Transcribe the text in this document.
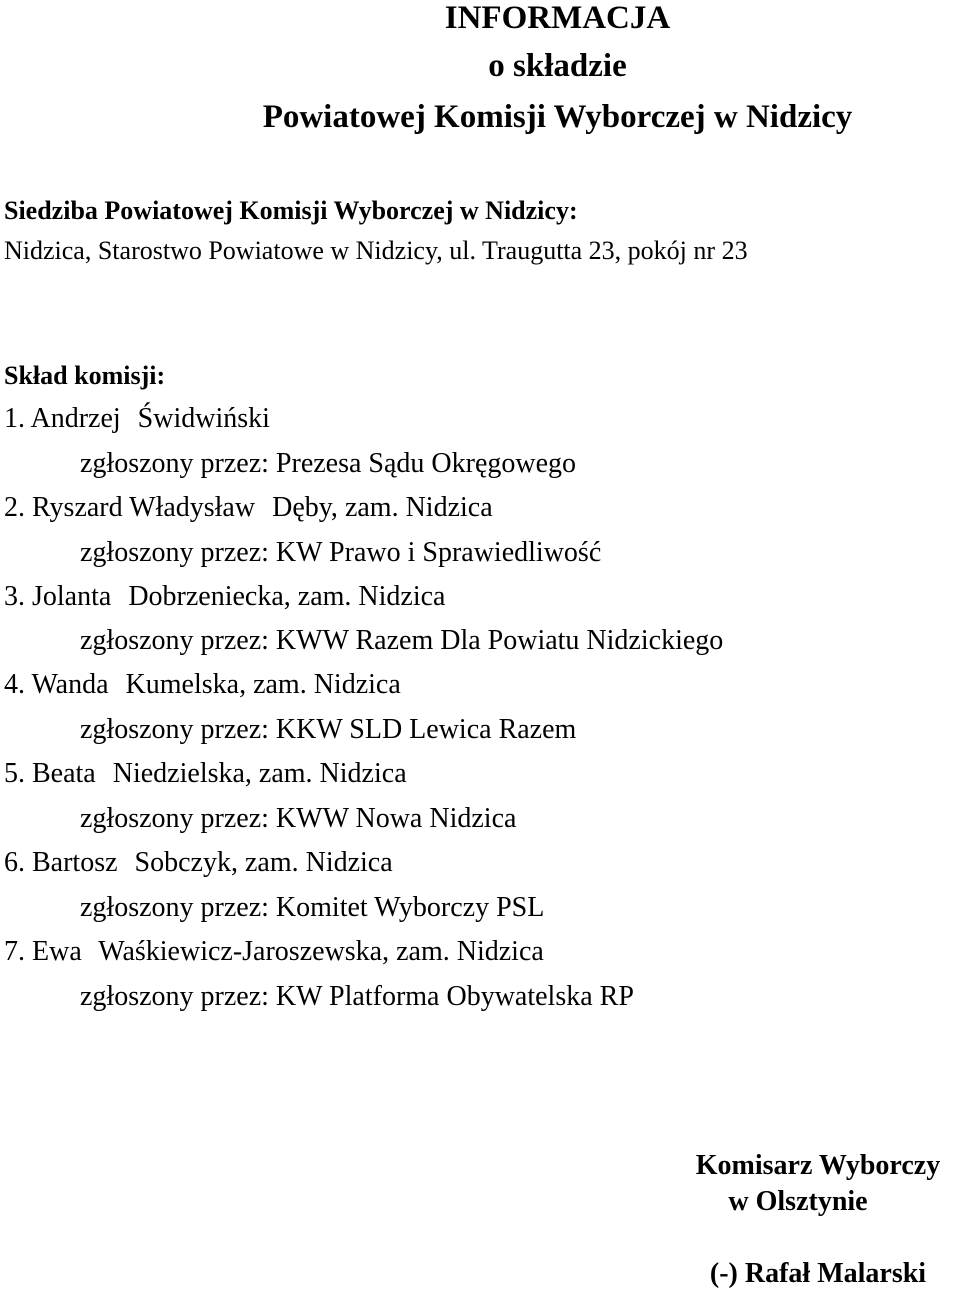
INFORMACJA
o składzie
Powiatowej Komisji Wyborczej w Nidzicy
Siedziba Powiatowej Komisji Wyborczej w Nidzicy:
Nidzica, Starostwo Powiatowe w Nidzicy, ul. Traugutta 23, pokój nr 23
Skład komisji:
1. Andrzej Świdwiński
zgłoszony przez: Prezesa Sądu Okręgowego
2. Ryszard Władysław Dęby, zam. Nidzica
zgłoszony przez: KW Prawo i Sprawiedliwość
3. Jolanta Dobrzeniecka, zam. Nidzica
zgłoszony przez: KWW Razem Dla Powiatu Nidzickiego
4. Wanda Kumelska, zam. Nidzica
zgłoszony przez: KKW SLD Lewica Razem
5. Beata Niedzielska, zam. Nidzica
zgłoszony przez: KWW Nowa Nidzica
6. Bartosz Sobczyk, zam. Nidzica
zgłoszony przez: Komitet Wyborczy PSL
7. Ewa Waśkiewicz-Jaroszewska, zam. Nidzica
zgłoszony przez: KW Platforma Obywatelska RP
Komisarz Wyborczy
w Olsztynie
(-) Rafał Malarski
